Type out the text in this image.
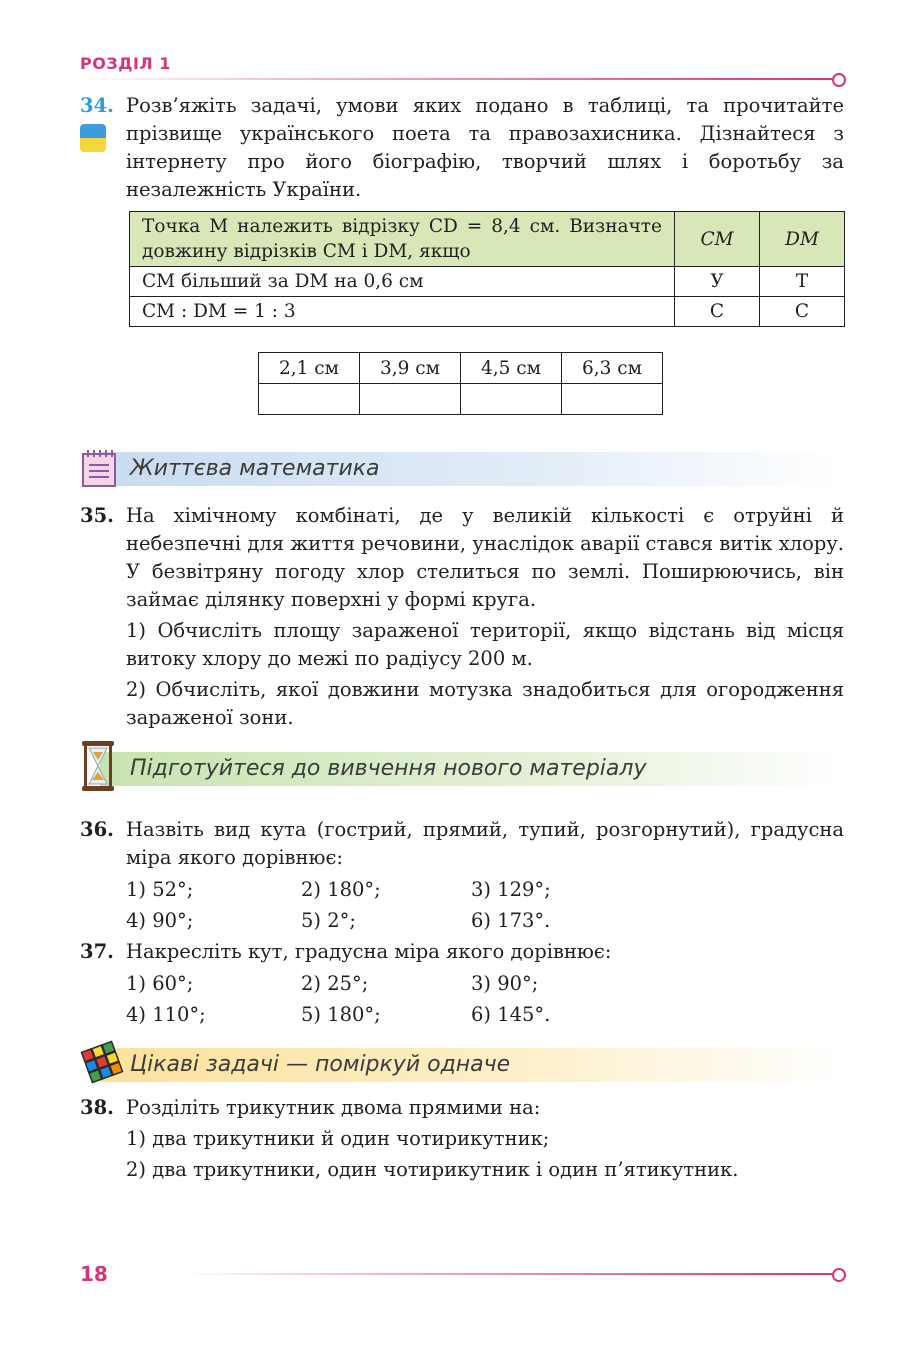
РОЗДІЛ 1
34. Розв’яжіть задачі, умови яких подано в таблиці, та прочитайте прізвище українського поета та правозахисника. Дізнайтеся з інтернету про його біографію, творчий шлях і боротьбу за незалежність України.

Точка M належить відрізку CD = 8,4 см. Визначте довжину відрізків CM і DM, якщо	CM	DM
CM більший за DM на 0,6 см	У	Т
CM : DM = 1 : 3	С	С
2,1 см	3,9 см	4,5 см	6,3 см

Життєва математика
35. На хімічному комбінаті, де у великій кількості є отруйні й небезпечні для життя речовини, унаслідок аварії стався витік хлору. У безвітряну погоду хлор стелиться по землі. Поширюючись, він займає ділянку поверхні у формі круга.

1) Обчисліть площу зараженої території, якщо відстань від місця витоку хлору до межі по радіусу 200 м.

2) Обчисліть, якої довжини мотузка знадобиться для огородження зараженої зони.

Підготуйтеся до вивчення нового матеріалу
36. Назвіть вид кута (гострий, прямий, тупий, розгорнутий), градусна міра якого дорівнює:

1) 52°;	2) 180°;	3) 129°;
4) 90°;	5) 2°;	6) 173°.
37. Накресліть кут, градусна міра якого дорівнює:

1) 60°;	2) 25°;	3) 90°;
4) 110°;	5) 180°;	6) 145°.
Цікаві задачі — поміркуй одначе
38. Розділіть трикутник двома прямими на:

1) два трикутники й один чотирикутник;

2) два трикутники, один чотирикутник і один п’ятикутник.

18
